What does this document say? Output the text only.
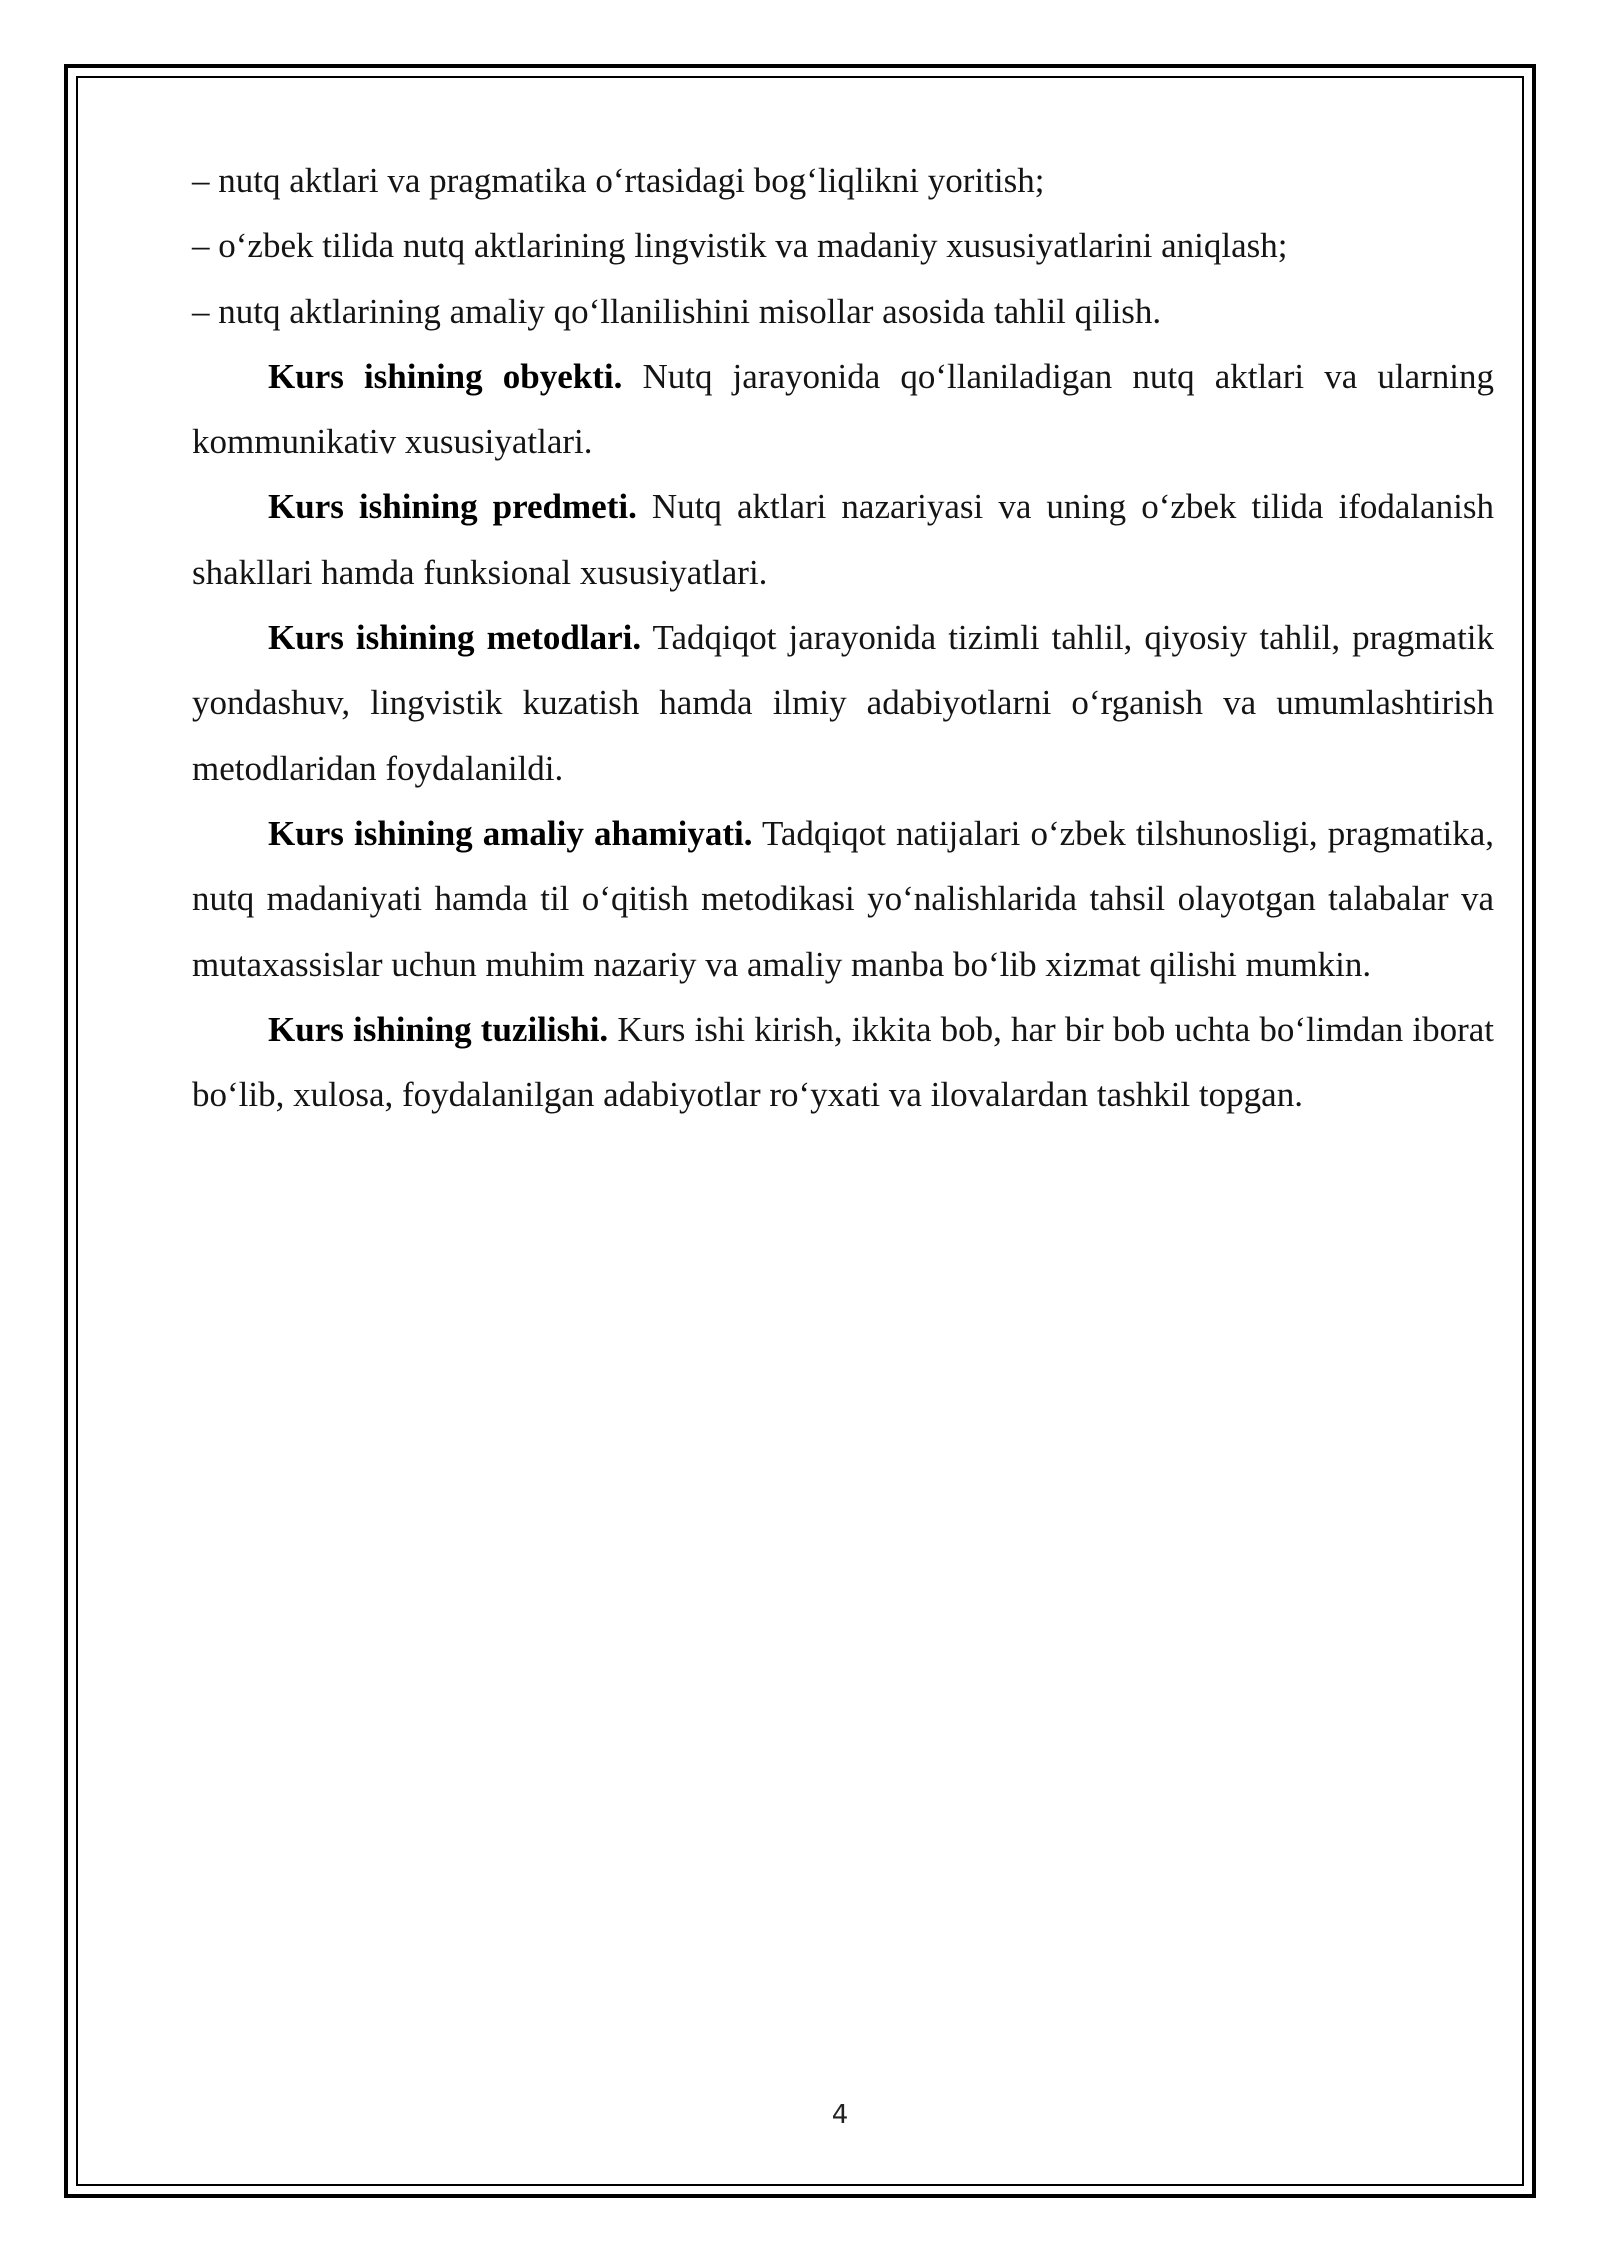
– nutq aktlari va pragmatika o‘rtasidagi bog‘liqlikni yoritish;

– o‘zbek tilida nutq aktlarining lingvistik va madaniy xususiyatlarini aniqlash;

– nutq aktlarining amaliy qo‘llanilishini misollar asosida tahlil qilish.

Kurs ishining obyekti. Nutq jarayonida qo‘llaniladigan nutq aktlari va ularning kommunikativ xususiyatlari.

Kurs ishining predmeti. Nutq aktlari nazariyasi va uning o‘zbek tilida ifodalanish shakllari hamda funksional xususiyatlari.

Kurs ishining metodlari. Tadqiqot jarayonida tizimli tahlil, qiyosiy tahlil, pragmatik yondashuv, lingvistik kuzatish hamda ilmiy adabiyotlarni o‘rganish va umumlashtirish metodlaridan foydalanildi.

Kurs ishining amaliy ahamiyati. Tadqiqot natijalari o‘zbek tilshunosligi, pragmatika, nutq madaniyati hamda til o‘qitish metodikasi yo‘nalishlarida tahsil olayotgan talabalar va mutaxassislar uchun muhim nazariy va amaliy manba bo‘lib xizmat qilishi mumkin.

Kurs ishining tuzilishi. Kurs ishi kirish, ikkita bob, har bir bob uchta bo‘limdan iborat bo‘lib, xulosa, foydalanilgan adabiyotlar ro‘yxati va ilovalardan tashkil topgan.

4
